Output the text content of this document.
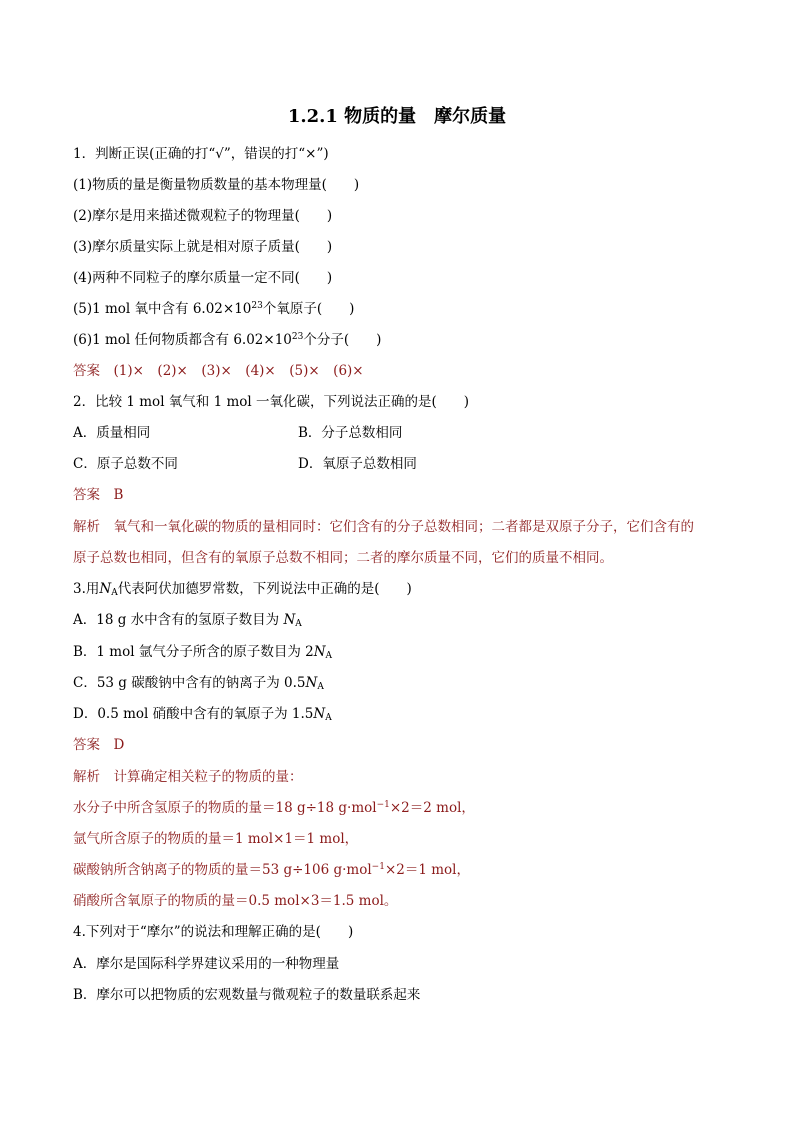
1.2.1 物质的量　摩尔质量
1．判断正误(正确的打“√”，错误的打“×”)
(1)物质的量是衡量物质数量的基本物理量(　　)
(2)摩尔是用来描述微观粒子的物理量(　　)
(3)摩尔质量实际上就是相对原子质量(　　)
(4)两种不同粒子的摩尔质量一定不同(　　)
(5)1 mol 氧中含有 $6.02\times 10^{23}$个氧原子(　　)
(6)1 mol 任何物质都含有 $6.02\times 10^{23}$个分子(　　)
答案　(1)×　(2)×　(3)×　(4)×　(5)×　(6)×
2．比较 1 mol 氧气和 1 mol 一氧化碳，下列说法正确的是(　　)
A．质量相同	B．分子总数相同
C．原子总数不同	D．氧原子总数相同
答案　B
解析　氧气和一氧化碳的物质的量相同时：它们含有的分子总数相同；二者都是双原子分子，它们含有的
原子总数也相同，但含有的氧原子总数不相同；二者的摩尔质量不同，它们的质量不相同。
3.用$N_A$代表阿伏加德罗常数，下列说法中正确的是(　　)
A．18 g 水中含有的氢原子数目为 $N_A$
B．1 mol 氩气分子所含的原子数目为 $2N_A$
C．53 g 碳酸钠中含有的钠离子为 $0.5N_A$
D．0.5 mol 硝酸中含有的氧原子为 $1.5N_A$
答案　D
解析　计算确定相关粒子的物质的量：
水分子中所含氢原子的物质的量＝18 g÷18 g·mol$^{-1}$×2＝2 mol，
氩气所含原子的物质的量＝1 mol×1＝1 mol，
碳酸钠所含钠离子的物质的量＝53 g÷106 g·mol$^{-1}$×2＝1 mol，
硝酸所含氧原子的物质的量＝0.5 mol×3＝1.5 mol。
4.下列对于“摩尔”的说法和理解正确的是(　　)
A．摩尔是国际科学界建议采用的一种物理量
B．摩尔可以把物质的宏观数量与微观粒子的数量联系起来
